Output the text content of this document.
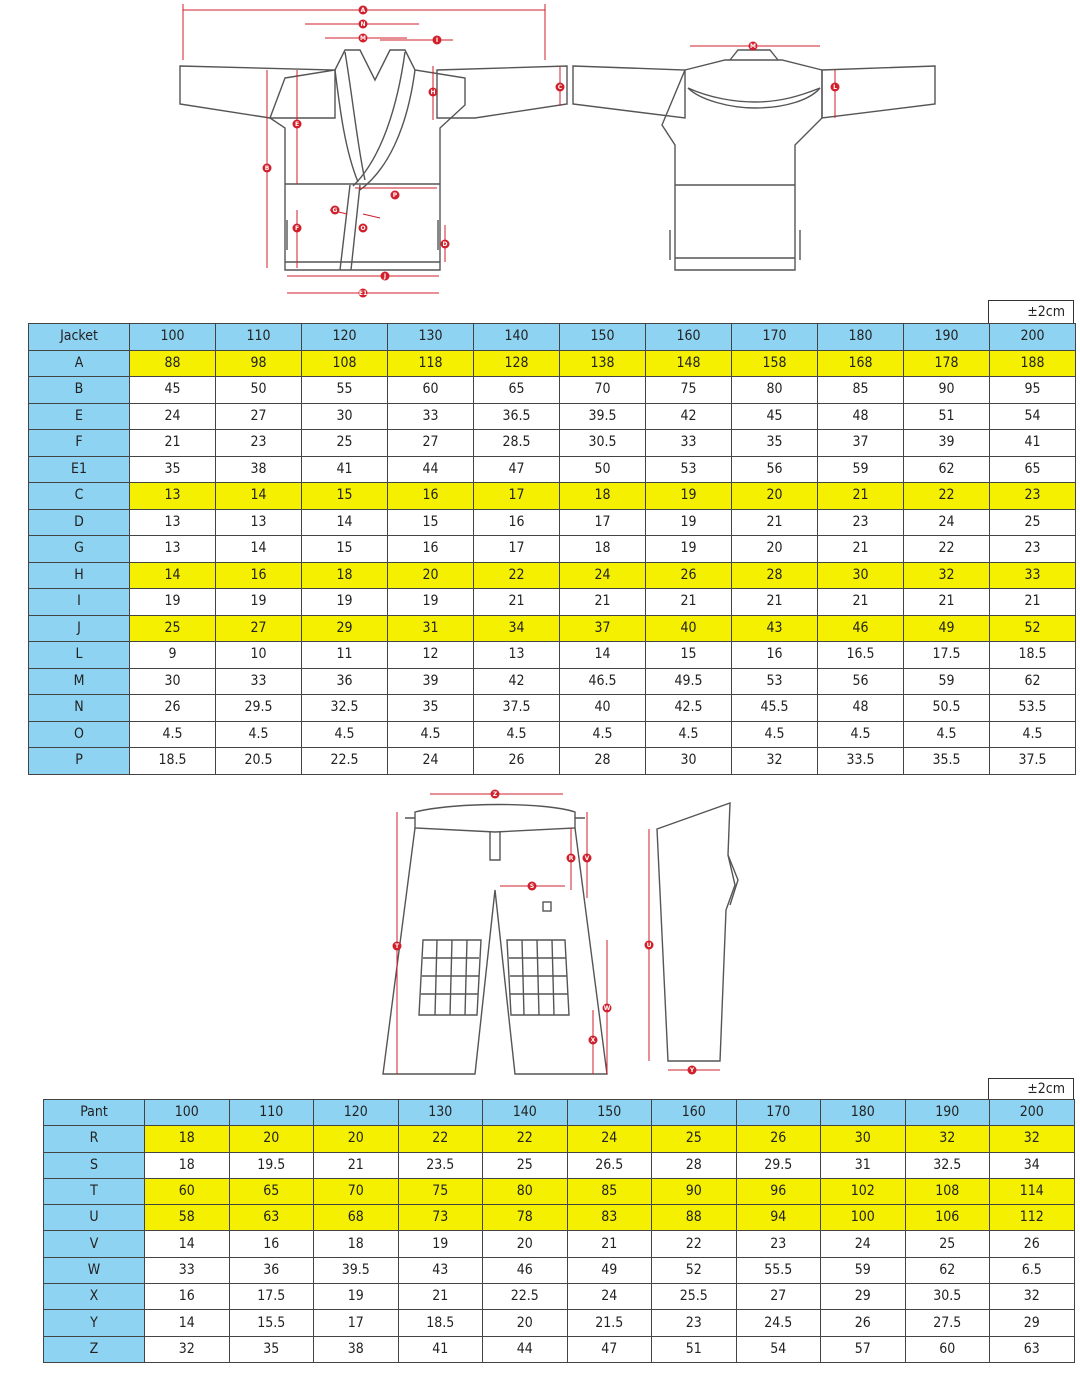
A
N
M	I
C
H
E
B
P
F	O
G
D
J
E1
M
L
±2cm
Jacket	100	110	120	130	140	150	160	170	180	190	200
A	88	98	108	118	128	138	148	158	168	178	188
B	45	50	55	60	65	70	75	80	85	90	95
E	24	27	30	33	36.5	39.5	42	45	48	51	54
F	21	23	25	27	28.5	30.5	33	35	37	39	41
E1	35	38	41	44	47	50	53	56	59	62	65
C	13	14	15	16	17	18	19	20	21	22	23
D	13	13	14	15	16	17	19	21	23	24	25
G	13	14	15	16	17	18	19	20	21	22	23
H	14	16	18	20	22	24	26	28	30	32	33
I	19	19	19	19	21	21	21	21	21	21	21
J	25	27	29	31	34	37	40	43	46	49	52
L	9	10	11	12	13	14	15	16	16.5	17.5	18.5
M	30	33	36	39	42	46.5	49.5	53	56	59	62
N	26	29.5	32.5	35	37.5	40	42.5	45.5	48	50.5	53.5
O	4.5	4.5	4.5	4.5	4.5	4.5	4.5	4.5	4.5	4.5	4.5
P	18.5	20.5	22.5	24	26	28	30	32	33.5	35.5	37.5
Z
R V
S
T
W
X
U
Y
±2cm
Pant	100	110	120	130	140	150	160	170	180	190	200
R	18	20	20	22	22	24	25	26	30	32	32
S	18	19.5	21	23.5	25	26.5	28	29.5	31	32.5	34
T	60	65	70	75	80	85	90	96	102	108	114
U	58	63	68	73	78	83	88	94	100	106	112
V	14	16	18	19	20	21	22	23	24	25	26
W	33	36	39.5	43	46	49	52	55.5	59	62	6.5
X	16	17.5	19	21	22.5	24	25.5	27	29	30.5	32
Y	14	15.5	17	18.5	20	21.5	23	24.5	26	27.5	29
Z	32	35	38	41	44	47	51	54	57	60	63
